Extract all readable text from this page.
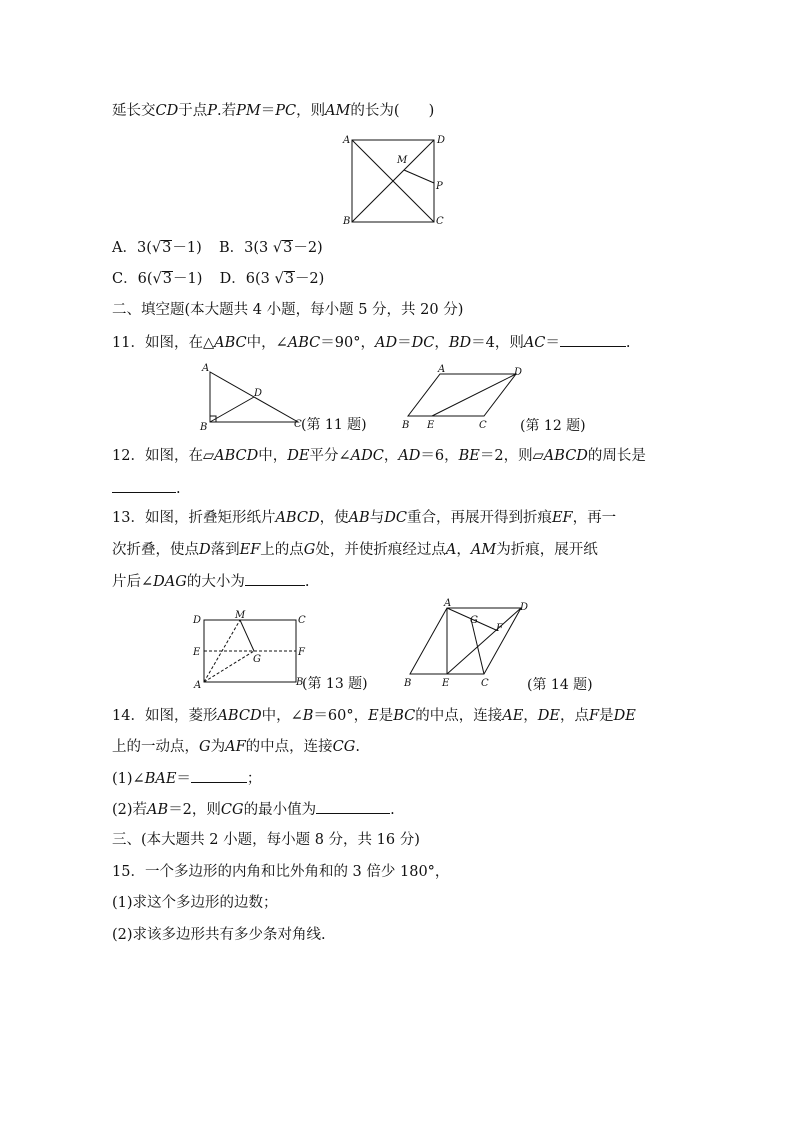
延长交CD于点P.若PM＝PC，则AM的长为(　　)
A	D
M
P
B	C
A．3(√3－1) B．3(3 √3－2)
C．6(√3－1) D．6(3 √3－2)
二、填空题(本大题共 4 小题，每小题 5 分，共 20 分)
11．如图，在△ABC中，∠ABC＝90°，AD＝DC，BD＝4，则AC＝	.
A
D
B	C (第 11 题)
A	D
B E	C (第 12 题)
12．如图，在▱ABCD中，DE平分∠ADC，AD＝6，BE＝2，则▱ABCD的周长是
.
13．如图，折叠矩形纸片ABCD，使AB与DC重合，再展开得到折痕EF，再一
次折叠，使点D落到EF上的点G处，并使折痕经过点A，AM为折痕，展开纸
片后∠DAG的大小为	.
D	M	C
E	F
G
A	B
(第 13 题)
A
G
D
F
B	E	C	(第 14 题)
14．如图，菱形ABCD中，∠B＝60°，E是BC的中点，连接AE，DE，点F是DE
上的一动点，G为AF的中点，连接CG.
(1)∠BAE＝	；
(2)若AB＝2，则CG的最小值为	.
三、(本大题共 2 小题，每小题 8 分，共 16 分)
15．一个多边形的内角和比外角和的 3 倍少 180°，
(1)求这个多边形的边数；
(2)求该多边形共有多少条对角线.
